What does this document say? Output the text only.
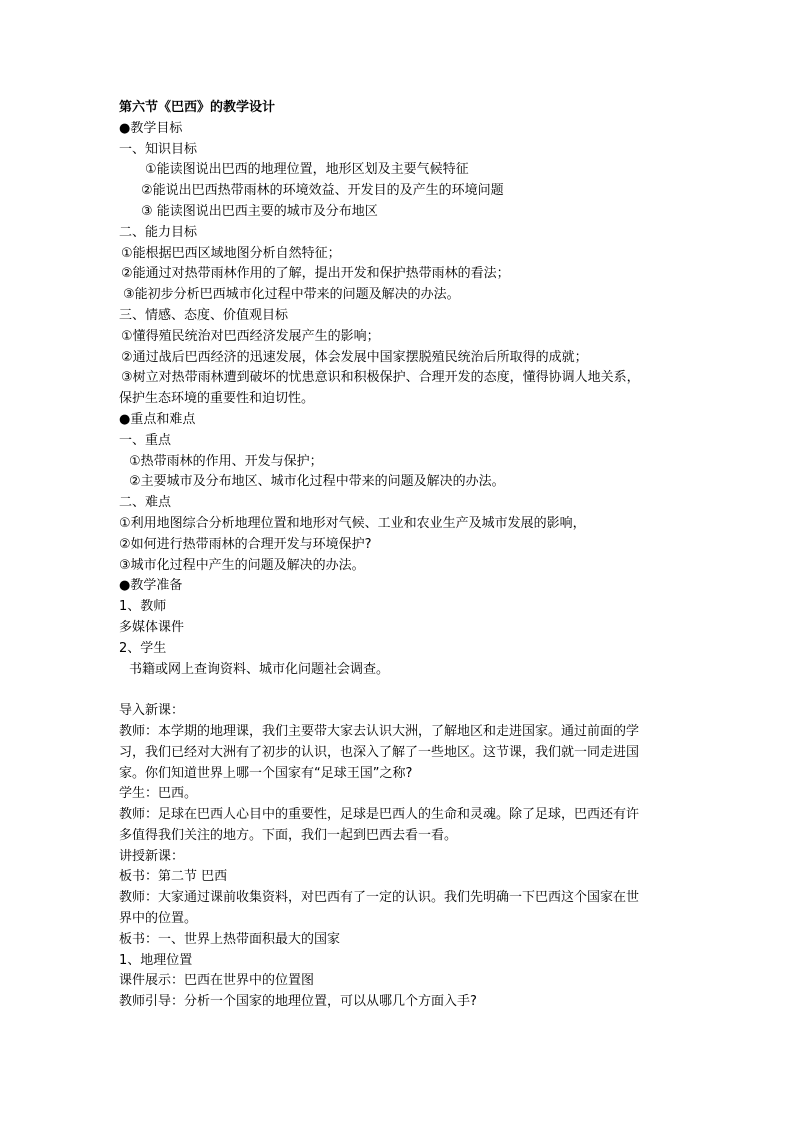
第六节《巴西》的教学设计
●教学目标
一、知识目标
①能读图说出巴西的地理位置，地形区划及主要气候特征
②能说出巴西热带雨林的环境效益、开发目的及产生的环境问题
③ 能读图说出巴西主要的城市及分布地区
二、能力目标
①能根据巴西区域地图分析自然特征；
②能通过对热带雨林作用的了解，提出开发和保护热带雨林的看法；
③能初步分析巴西城市化过程中带来的问题及解决的办法。
三、情感、态度、价值观目标
①懂得殖民统治对巴西经济发展产生的影响；
②通过战后巴西经济的迅速发展，体会发展中国家摆脱殖民统治后所取得的成就；
③树立对热带雨林遭到破坏的忧患意识和积极保护、合理开发的态度，懂得协调人地关系，
保护生态环境的重要性和迫切性。
●重点和难点
一、重点
①热带雨林的作用、开发与保护；
②主要城市及分布地区、城市化过程中带来的问题及解决的办法。
二、难点
①利用地图综合分析地理位置和地形对气候、工业和农业生产及城市发展的影响，
②如何进行热带雨林的合理开发与环境保护?
③城市化过程中产生的问题及解决的办法。
●教学准备
1、教师
多媒体课件
2、学生
书籍或网上查询资料、城市化问题社会调查。
导入新课：
教师：本学期的地理课，我们主要带大家去认识大洲，了解地区和走进国家。通过前面的学
习，我们已经对大洲有了初步的认识，也深入了解了一些地区。这节课，我们就一同走进国
家。你们知道世界上哪一个国家有“足球王国”之称?
学生：巴西。
教师：足球在巴西人心目中的重要性，足球是巴西人的生命和灵魂。除了足球，巴西还有许
多值得我们关注的地方。下面，我们一起到巴西去看一看。
讲授新课：
板书：第二节 巴西
教师：大家通过课前收集资料，对巴西有了一定的认识。我们先明确一下巴西这个国家在世
界中的位置。
板书：一、世界上热带面积最大的国家
1、地理位置
课件展示：巴西在世界中的位置图
教师引导：分析一个国家的地理位置，可以从哪几个方面入手?
